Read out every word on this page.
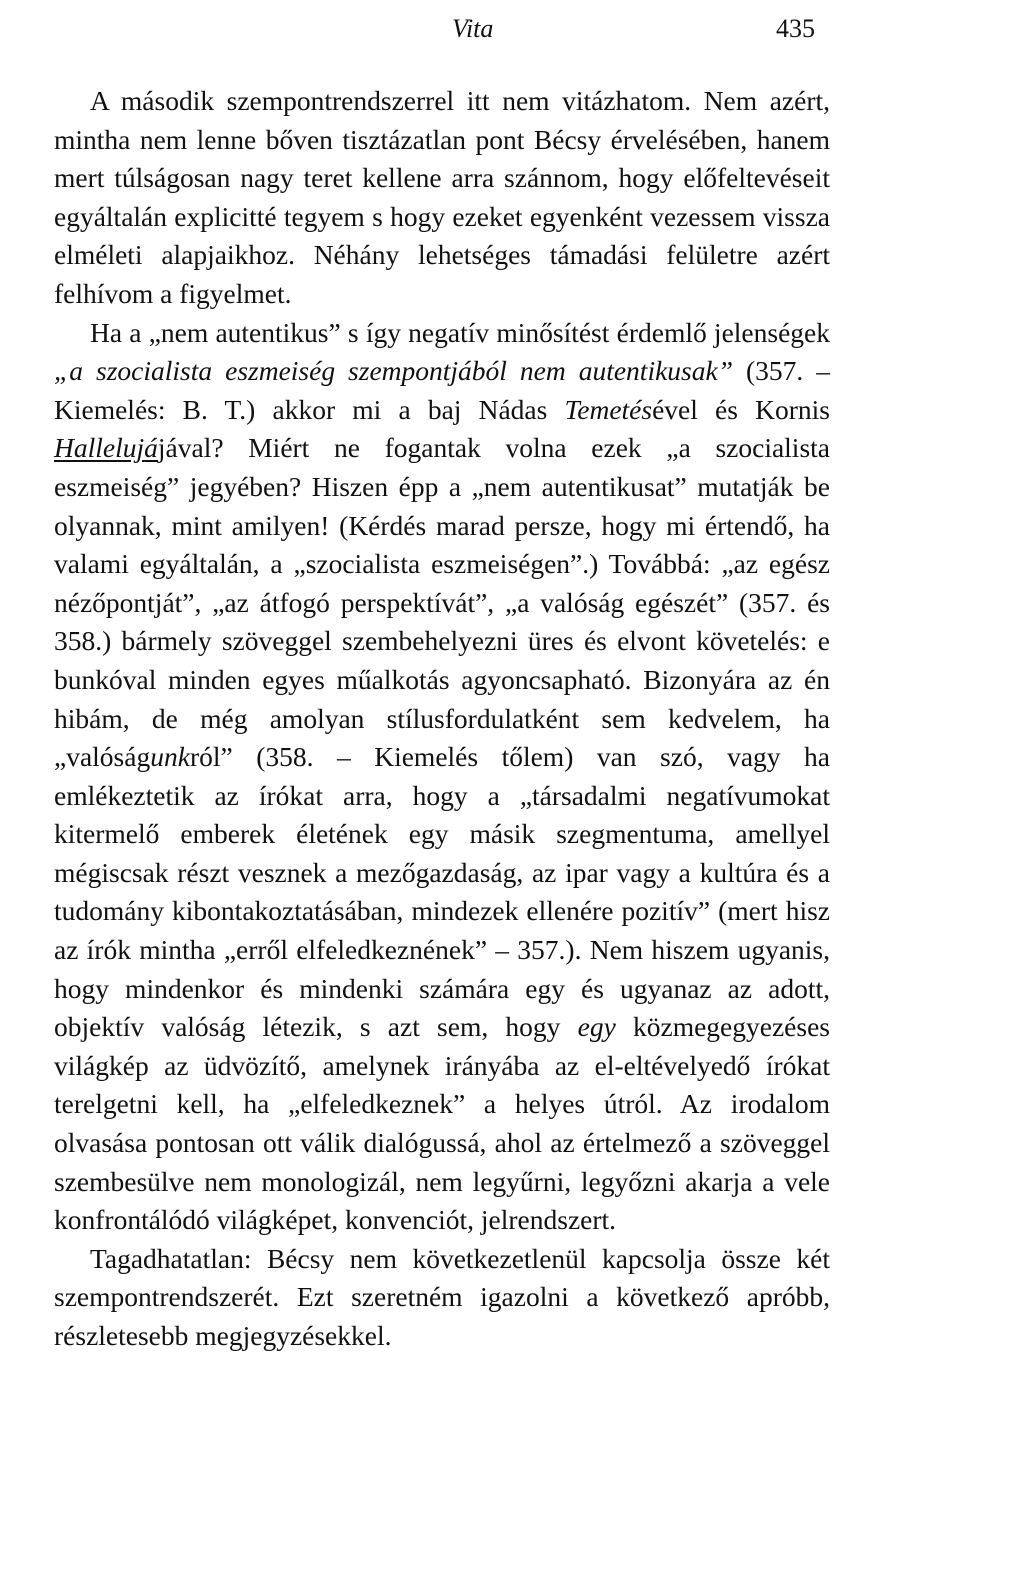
Vita	435

A második szempontrendszerrel itt nem vitázhatom. Nem azért, mintha nem lenne bőven tisztázatlan pont Bécsy érvelésében, hanem mert túlságosan nagy teret kellene arra szánnom, hogy előfeltevéseit egyáltalán explicitté tegyem s hogy ezeket egyenként vezessem vissza elméleti alapjaikhoz. Néhány lehetséges támadási felületre azért felhívom a figyelmet.

Ha a „nem autentikus” s így negatív minősítést érdemlő jelenségek „a szocialista eszmeiség szempontjából nem autentikusak” (357. – Kiemelés: B. T.) akkor mi a baj Nádas Temetésével és Kornis Hallelujájával? Miért ne fogantak volna ezek „a szocialista eszmeiség” jegyében? Hiszen épp a „nem autentikusat” mutatják be olyannak, mint amilyen! (Kérdés marad persze, hogy mi értendő, ha valami egyáltalán, a „szocialista eszmeiségen”.) Továbbá: „az egész nézőpontját”, „az átfogó perspektívát”, „a valóság egészét” (357. és 358.) bármely szöveggel szembehelyezni üres és elvont követelés: e bunkóval minden egyes műalkotás agyoncsapható. Bizonyára az én hibám, de még amolyan stílusfordulatként sem kedvelem, ha „valóságunkról” (358. – Kiemelés tőlem) van szó, vagy ha emlékeztetik az írókat arra, hogy a „társadalmi negatívumokat kitermelő emberek életének egy másik szegmentuma, amellyel mégiscsak részt vesznek a mezőgazdaság, az ipar vagy a kultúra és a tudomány kibontakoztatásában, mindezek ellenére pozitív” (mert hisz az írók mintha „erről elfeledkeznének” – 357.). Nem hiszem ugyanis, hogy mindenkor és mindenki számára egy és ugyanaz az adott, objektív valóság létezik, s azt sem, hogy egy közmegegyezéses világkép az üdvözítő, amelynek irányába az el-eltévelyedő írókat terelgetni kell, ha „elfeledkeznek” a helyes útról. Az irodalom olvasása pontosan ott válik dialógussá, ahol az értelmező a szöveggel szembesülve nem monologizál, nem legyűrni, legyőzni akarja a vele konfrontálódó világképet, konvenciót, jelrendszert.

Tagadhatatlan: Bécsy nem következetlenül kapcsolja össze két szempontrendszerét. Ezt szeretném igazolni a következő apróbb, részletesebb megjegyzésekkel.
